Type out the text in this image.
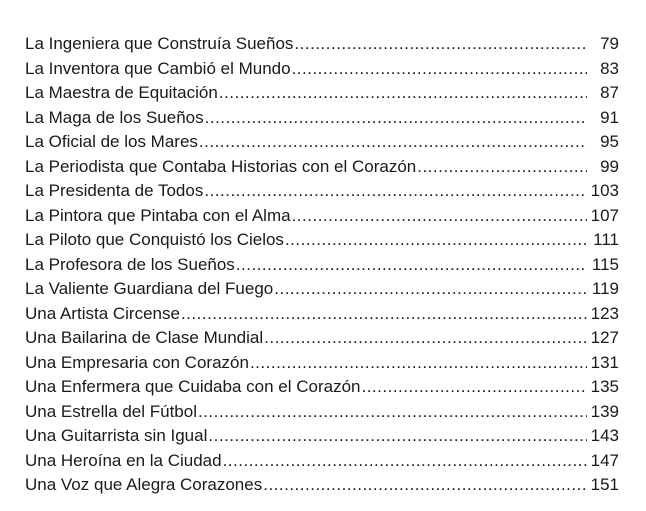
La Ingeniera que Construía Sueños .....	79
La Inventora que Cambió el Mundo .....	83
La Maestra de Equitación .....	87
La Maga de los Sueños .....	91
La Oficial de los Mares .....	95
La Periodista que Contaba Historias con el Corazón .....	99
La Presidenta de Todos .....	103
La Pintora que Pintaba con el Alma .....	107
La Piloto que Conquistó los Cielos .....	111
La Profesora de los Sueños .....	115
La Valiente Guardiana del Fuego .....	119
Una Artista Circense .....	123
Una Bailarina de Clase Mundial .....	127
Una Empresaria con Corazón .....	131
Una Enfermera que Cuidaba con el Corazón .....	135
Una Estrella del Fútbol .....	139
Una Guitarrista sin Igual .....	143
Una Heroína en la Ciudad .....	147
Una Voz que Alegra Corazones .....	151
